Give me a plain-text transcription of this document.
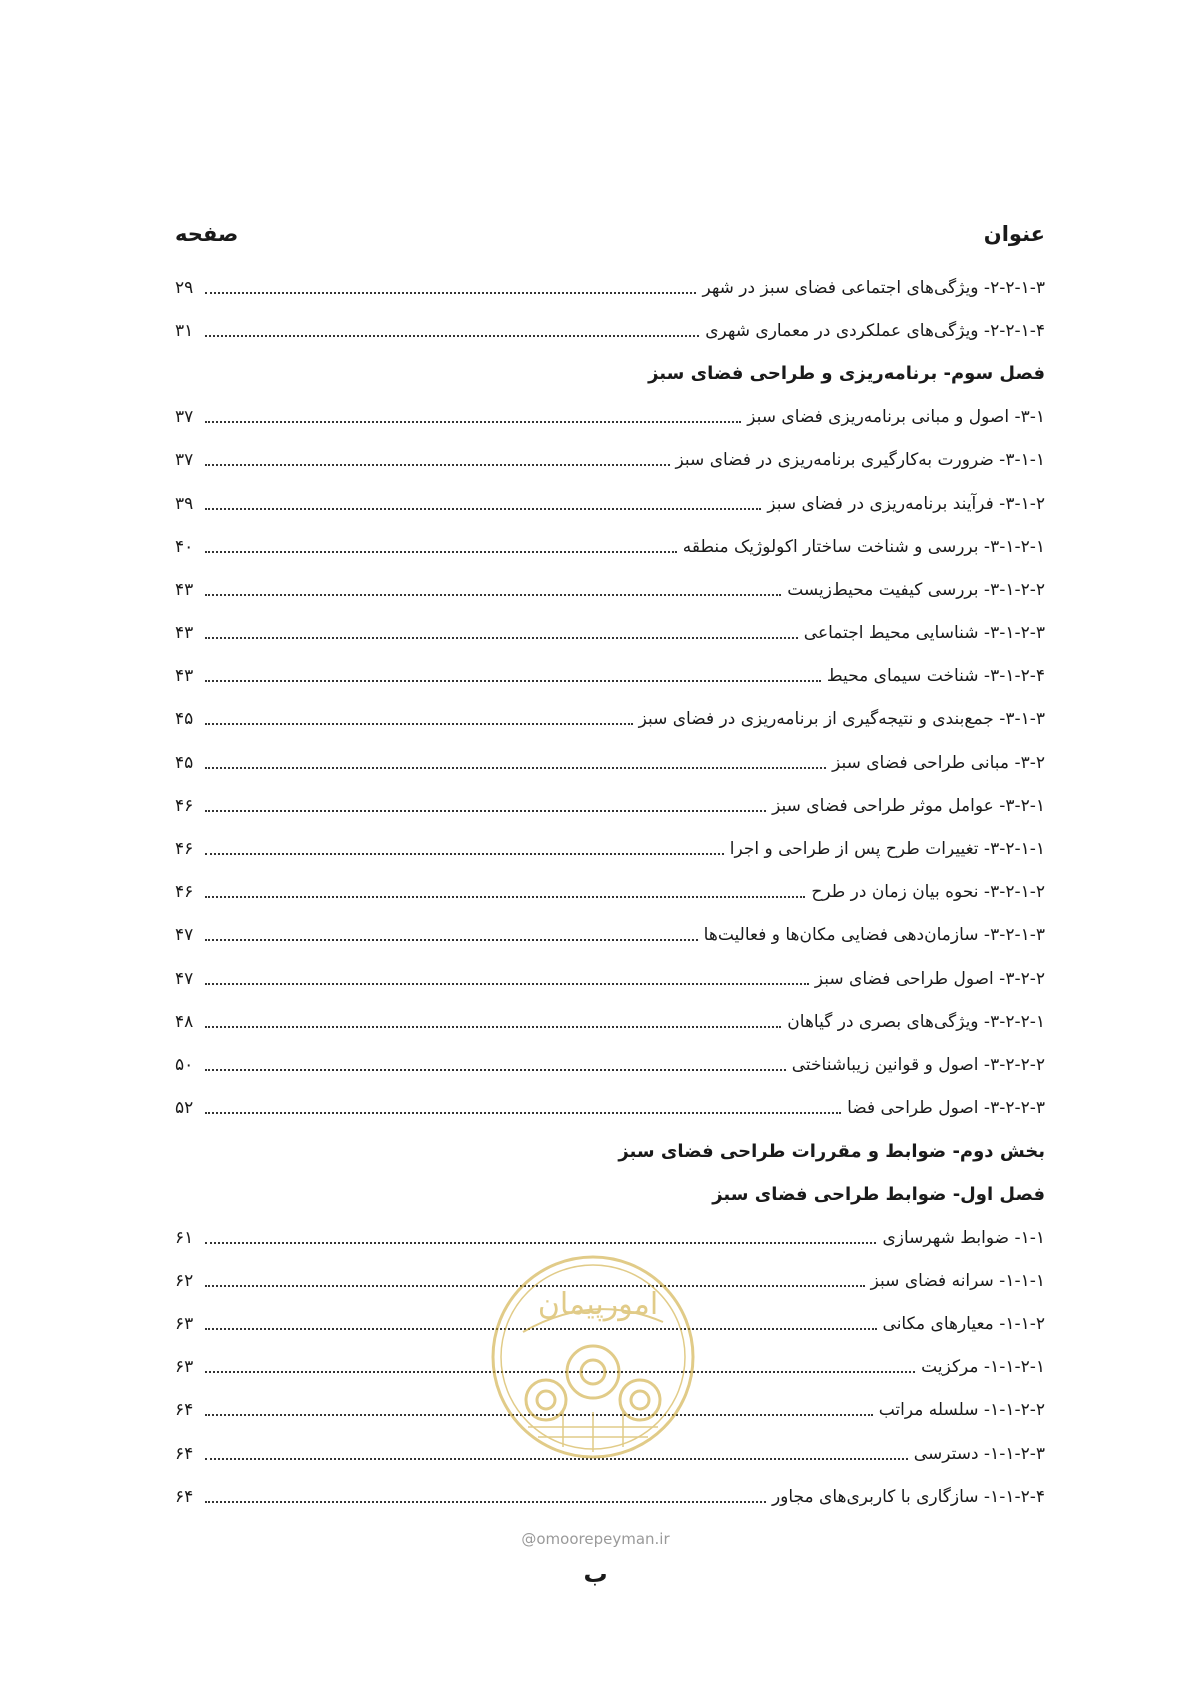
عنوان
صفحه
۲-۲-۱-۳- ویژگی‌های اجتماعی فضای سبز در شهر
۲۹
۲-۲-۱-۴- ویژگی‌های عملکردی در معماری شهری
۳۱
فصل سوم- برنامه‌ریزی و طراحی فضای سبز
۳-۱- اصول و مبانی برنامه‌ریزی فضای سبز
۳۷
۳-۱-۱- ضرورت به‌کارگیری برنامه‌ریزی در فضای سبز
۳۷
۳-۱-۲- فرآیند برنامه‌ریزی در فضای سبز
۳۹
۳-۱-۲-۱- بررسی و شناخت ساختار اکولوژیک منطقه
۴۰
۳-۱-۲-۲- بررسی کیفیت محیط‌زیست
۴۳
۳-۱-۲-۳- شناسایی محیط اجتماعی
۴۳
۳-۱-۲-۴- شناخت سیمای محیط
۴۳
۳-۱-۳- جمع‌بندی و نتیجه‌گیری از برنامه‌ریزی در فضای سبز
۴۵
۳-۲- مبانی طراحی فضای سبز
۴۵
۳-۲-۱- عوامل موثر طراحی فضای سبز
۴۶
۳-۲-۱-۱- تغییرات طرح پس از طراحی و اجرا
۴۶
۳-۲-۱-۲- نحوه بیان زمان در طرح
۴۶
۳-۲-۱-۳- سازمان‌دهی فضایی مکان‌ها و فعالیت‌ها
۴۷
۳-۲-۲- اصول طراحی فضای سبز
۴۷
۳-۲-۲-۱- ویژگی‌های بصری در گیاهان
۴۸
۳-۲-۲-۲- اصول و قوانین زیباشناختی
۵۰
۳-۲-۲-۳- اصول طراحی فضا
۵۲
بخش دوم- ضوابط و مقررات طراحی فضای سبز
فصل اول- ضوابط طراحی فضای سبز
۱-۱- ضوابط شهرسازی
۶۱
۱-۱-۱- سرانه فضای سبز
۶۲
۱-۱-۲- معیارهای مکانی
۶۳
۱-۱-۲-۱- مرکزیت
۶۳
۱-۱-۲-۲- سلسله مراتب
۶۴
۱-۱-۲-۳- دسترسی
۶۴
۱-۱-۲-۴- سازگاری با کاربری‌های مجاور
۶۴
امورپیمان
@omoorepeyman.ir
ب
